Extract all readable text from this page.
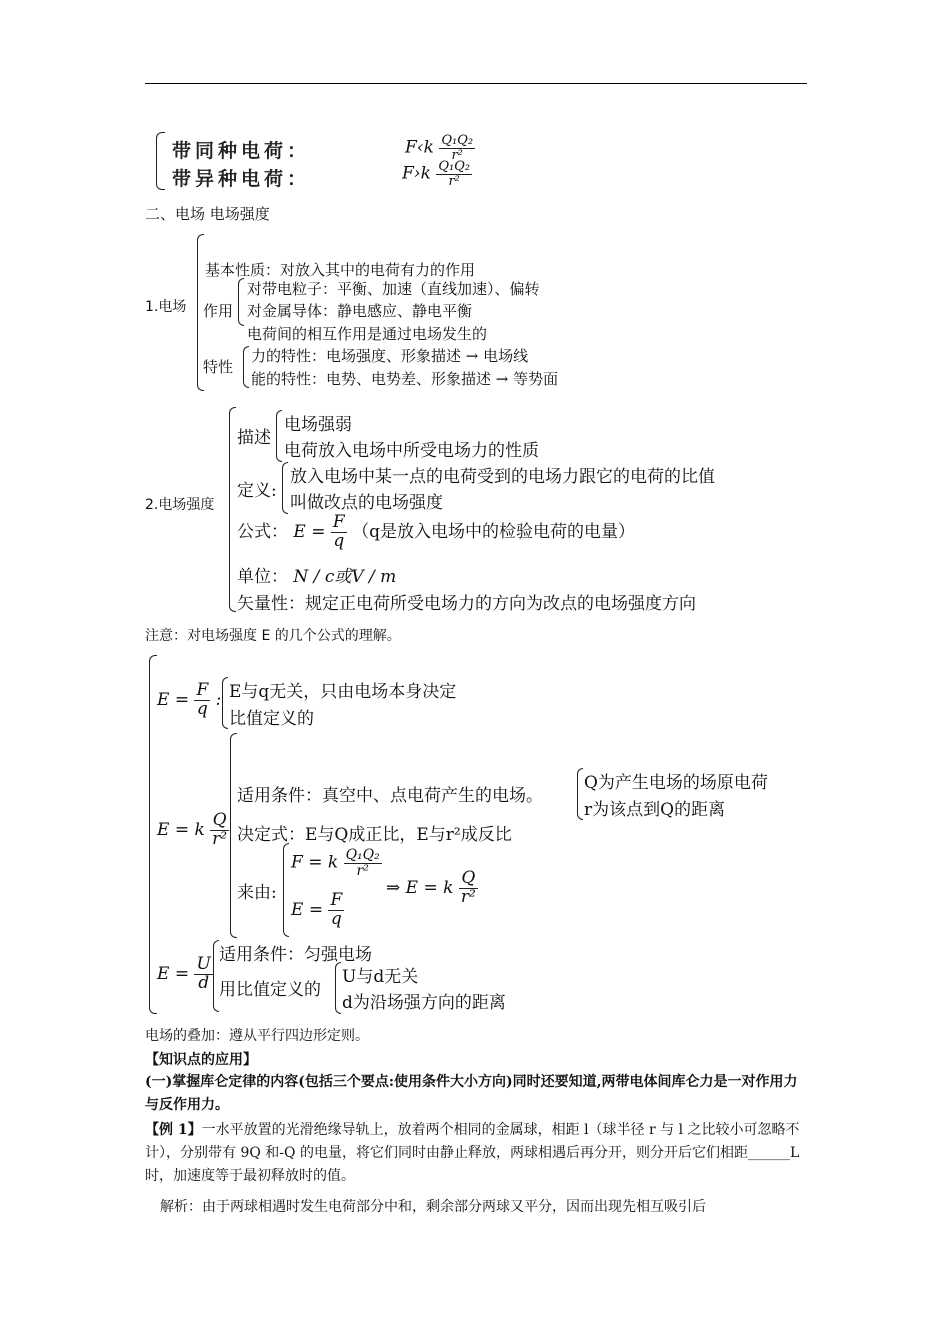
带同种电荷：	F‹k $\frac{\text{Q₁Q₂}}{\text{r²}}$
带异种电荷：	F›k $\frac{\text{Q₁Q₂}}{\text{r²}}$
二、电场 电场强度
1.电场
基本性质：对放入其中的电荷有力的作用
作用
对带电粒子：平衡、加速（直线加速）、偏转
对金属导体：静电感应、静电平衡
电荷间的相互作用是通过电场发生的
特性
力的特性：电场强度、形象描述 → 电场线
能的特性：电势、电势差、形象描述 → 等势面
2.电场强度
描述
电场强弱
电荷放入电场中所受电场力的性质
定义:
放入电场中某一点的电荷受到的电场力跟它的电荷的比值
叫做改点的电场强度
公式： $E = \frac{F}{q} (q$是放入电场中的检验电荷的电量）
单位： N / c或V / m
矢量性：规定正电荷所受电场力的方向为改点的电场强度方向
注意：对电场强度 E 的几个公式的理解。
$E = \frac{F}{q}$ : E与q无关，只由电场本身决定
比值定义的
E = k $\frac{Q}{\text{r²}}$
适用条件：真空中、点电荷产生的电场。
Q为产生电场的场原电荷
r为该点到Q的距离
决定式：E与Q成正比，E与r²成反比
来由:
F = k $\frac{\text{Q₁Q₂}}{\text{r²}}$
$E = \frac{F}{q}$
⇒ E = k $\frac{Q}{\text{r²}}$
$E = \frac{U}{d}$
适用条件：匀强电场
用比值定义的
U与d无关
d为沿场强方向的距离
电场的叠加：遵从平行四边形定则。
【知识点的应用】
(一)掌握库仑定律的内容(包括三个要点:使用条件大小方向)同时还要知道,两带电体间库仑力是一对作用力与反作用力。
【例 1】一水平放置的光滑绝缘导轨上，放着两个相同的金属球，相距 l（球半径 r 与 l 之比较小可忽略不计），分别带有 9Q 和-Q 的电量，将它们同时由静止释放，两球相遇后再分开，则分开后它们相距______L 时，加速度等于最初释放时的值。
解析：由于两球相遇时发生电荷部分中和，剩余部分两球又平分，因而出现先相互吸引后
